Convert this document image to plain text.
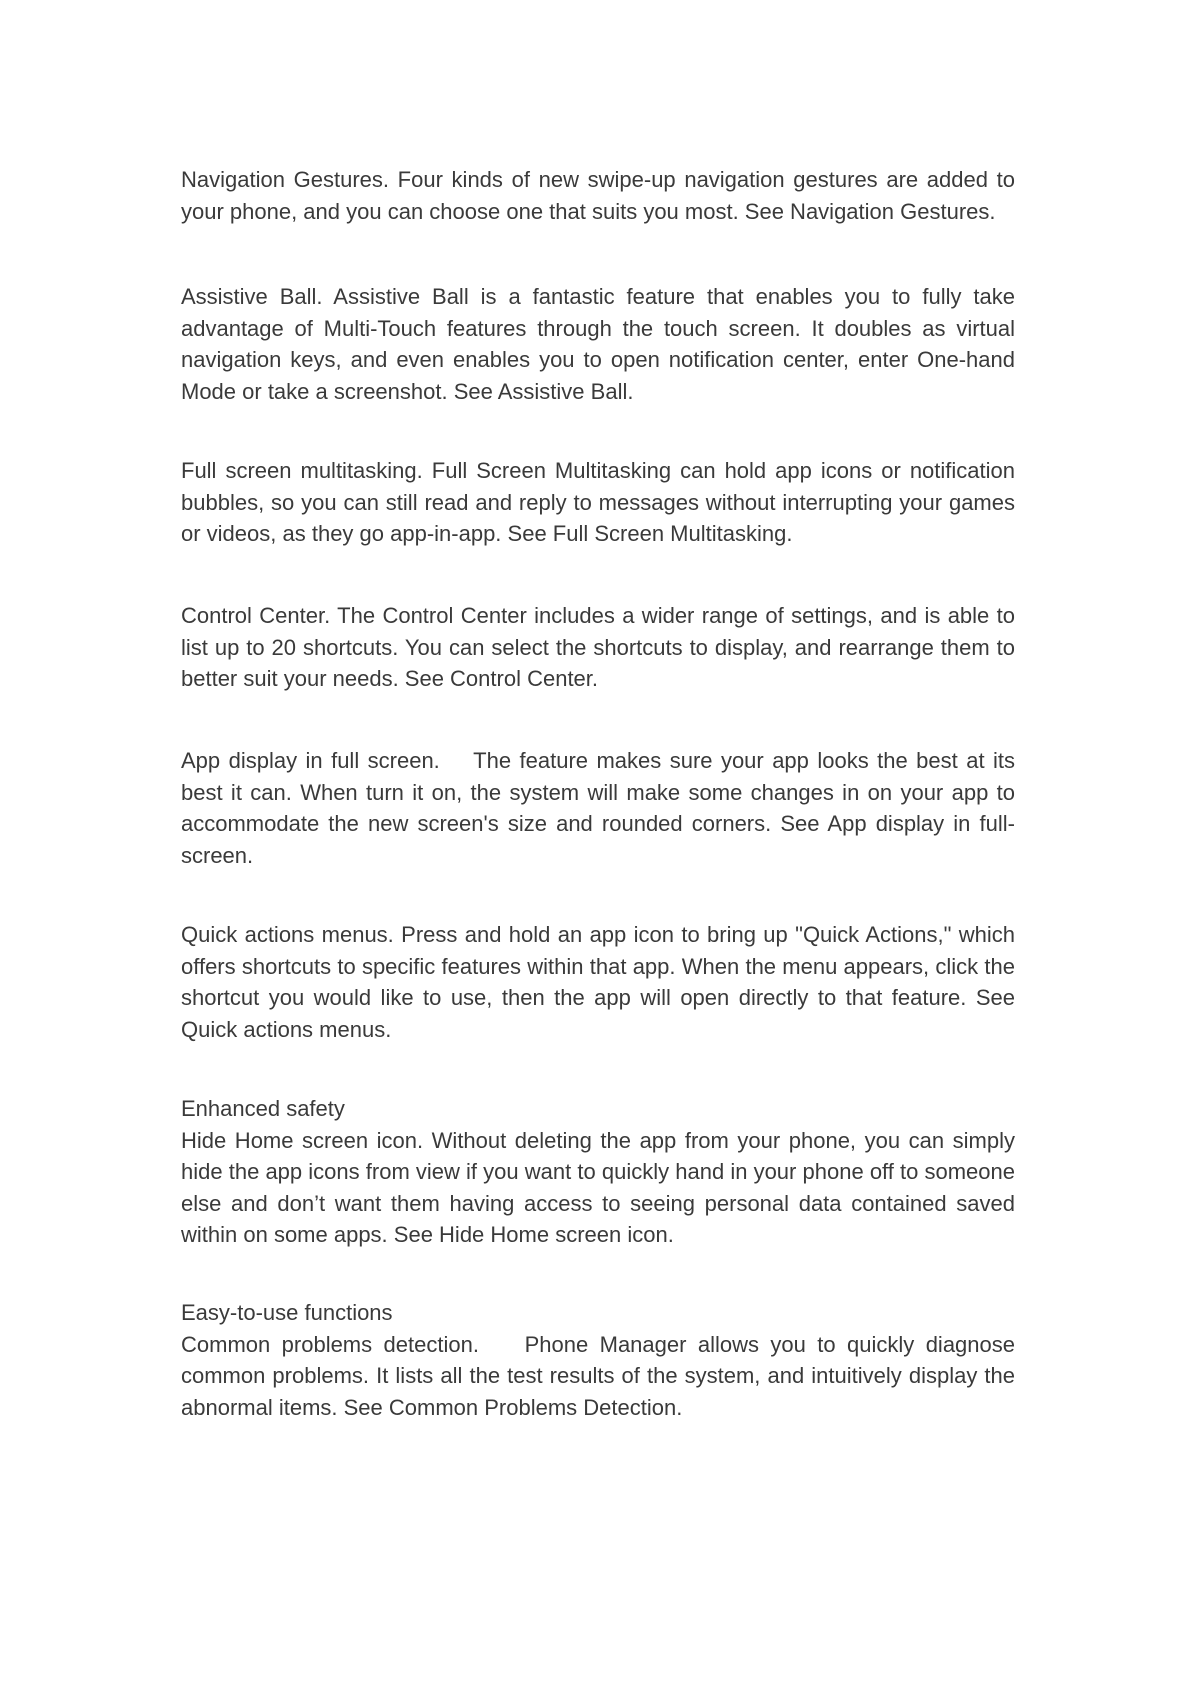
Navigation Gestures. Four kinds of new swipe-up navigation gestures are added to your phone, and you can choose one that suits you most. See Navigation Gestures.

Assistive Ball. Assistive Ball is a fantastic feature that enables you to fully take advantage of Multi-Touch features through the touch screen. It doubles as virtual navigation keys, and even enables you to open notification center, enter One-hand Mode or take a screenshot. See Assistive Ball.

Full screen multitasking. Full Screen Multitasking can hold app icons or notification bubbles, so you can still read and reply to messages without interrupting your games or videos, as they go app-in-app. See Full Screen Multitasking.

Control Center. The Control Center includes a wider range of settings, and is able to list up to 20 shortcuts. You can select the shortcuts to display, and rearrange them to better suit your needs. See Control Center.

App display in full screen.    The feature makes sure your app looks the best at its best it can. When turn it on, the system will make some changes in on your app to accommodate the new screen's size and rounded corners. See App display in full-screen.

Quick actions menus. Press and hold an app icon to bring up "Quick Actions," which offers shortcuts to specific features within that app. When the menu appears, click the shortcut you would like to use, then the app will open directly to that feature. See Quick actions menus.

Enhanced safety

Hide Home screen icon. Without deleting the app from your phone, you can simply hide the app icons from view if you want to quickly hand in your phone off to someone else and don’t want them having access to seeing personal data contained saved within on some apps. See Hide Home screen icon.

Easy-to-use functions

Common problems detection.    Phone Manager allows you to quickly diagnose common problems. It lists all the test results of the system, and intuitively display the abnormal items. See Common Problems Detection.
